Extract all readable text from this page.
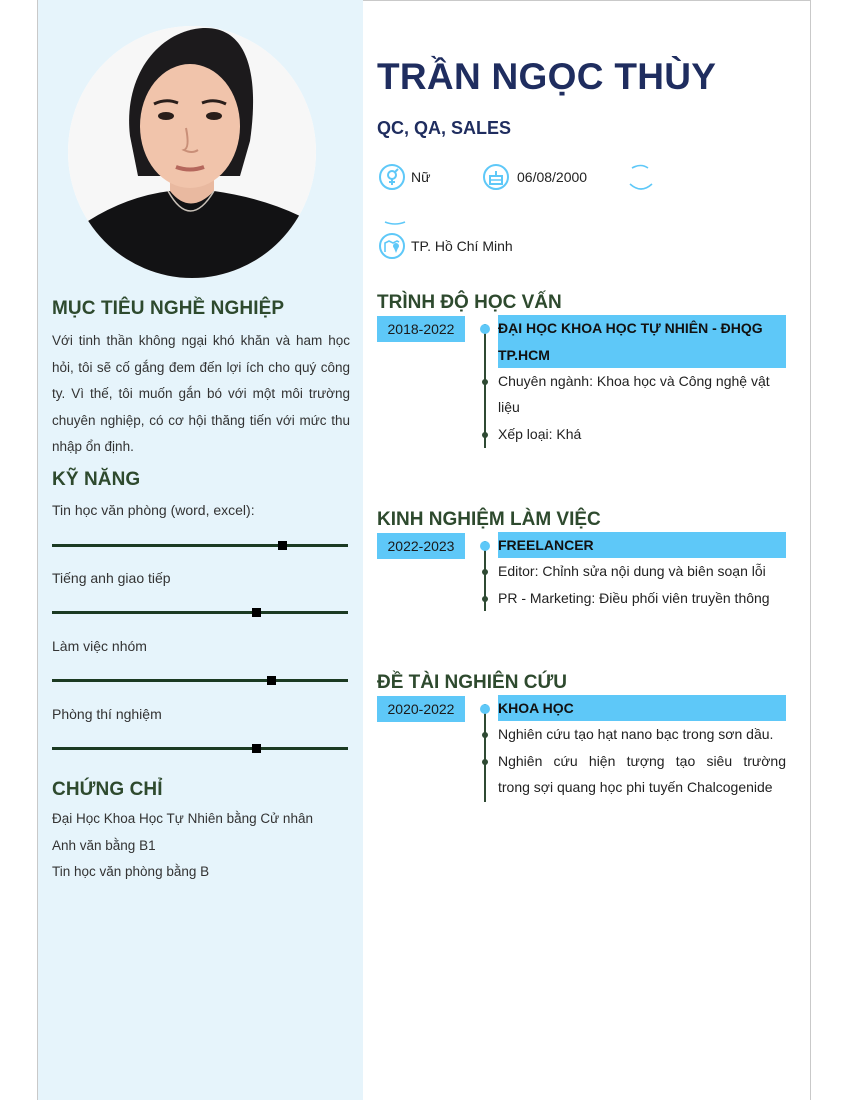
TRẦN NGỌC THÙY
QC, QA, SALES
Nữ	06/08/2000
TP. Hồ Chí Minh
MỤC TIÊU NGHỀ NGHIỆP
Với tinh thần không ngại khó khăn và ham học hỏi, tôi sẽ cố gắng đem đến lợi ích cho quý công ty. Vì thế, tôi muốn gắn bó với một môi trường chuyên nghiệp, có cơ hội thăng tiến với mức thu nhập ổn định.
KỸ NĂNG
Tin học văn phòng (word, excel):
Tiếng anh giao tiếp
Làm việc nhóm
Phòng thí nghiệm
CHỨNG CHỈ
Đại Học Khoa Học Tự Nhiên bằng Cử nhân
Anh văn bằng B1
Tin học văn phòng bằng B
TRÌNH ĐỘ HỌC VẤN
2018-2022	ĐẠI HỌC KHOA HỌC TỰ NHIÊN - ĐHQG
TP.HCM
Chuyên ngành: Khoa học và Công nghệ vật
liệu
Xếp loại: Khá
KINH NGHIỆM LÀM VIỆC
2022-2023	FREELANCER
Editor: Chỉnh sửa nội dung và biên soạn lỗi
PR - Marketing: Điều phối viên truyền thông
ĐỀ TÀI NGHIÊN CỨU
2020-2022	KHOA HỌC
Nghiên cứu tạo hạt nano bạc trong sơn dầu.
Nghiên cứu hiện tượng tạo siêu trường
trong sợi quang học phi tuyến Chalcogenide
